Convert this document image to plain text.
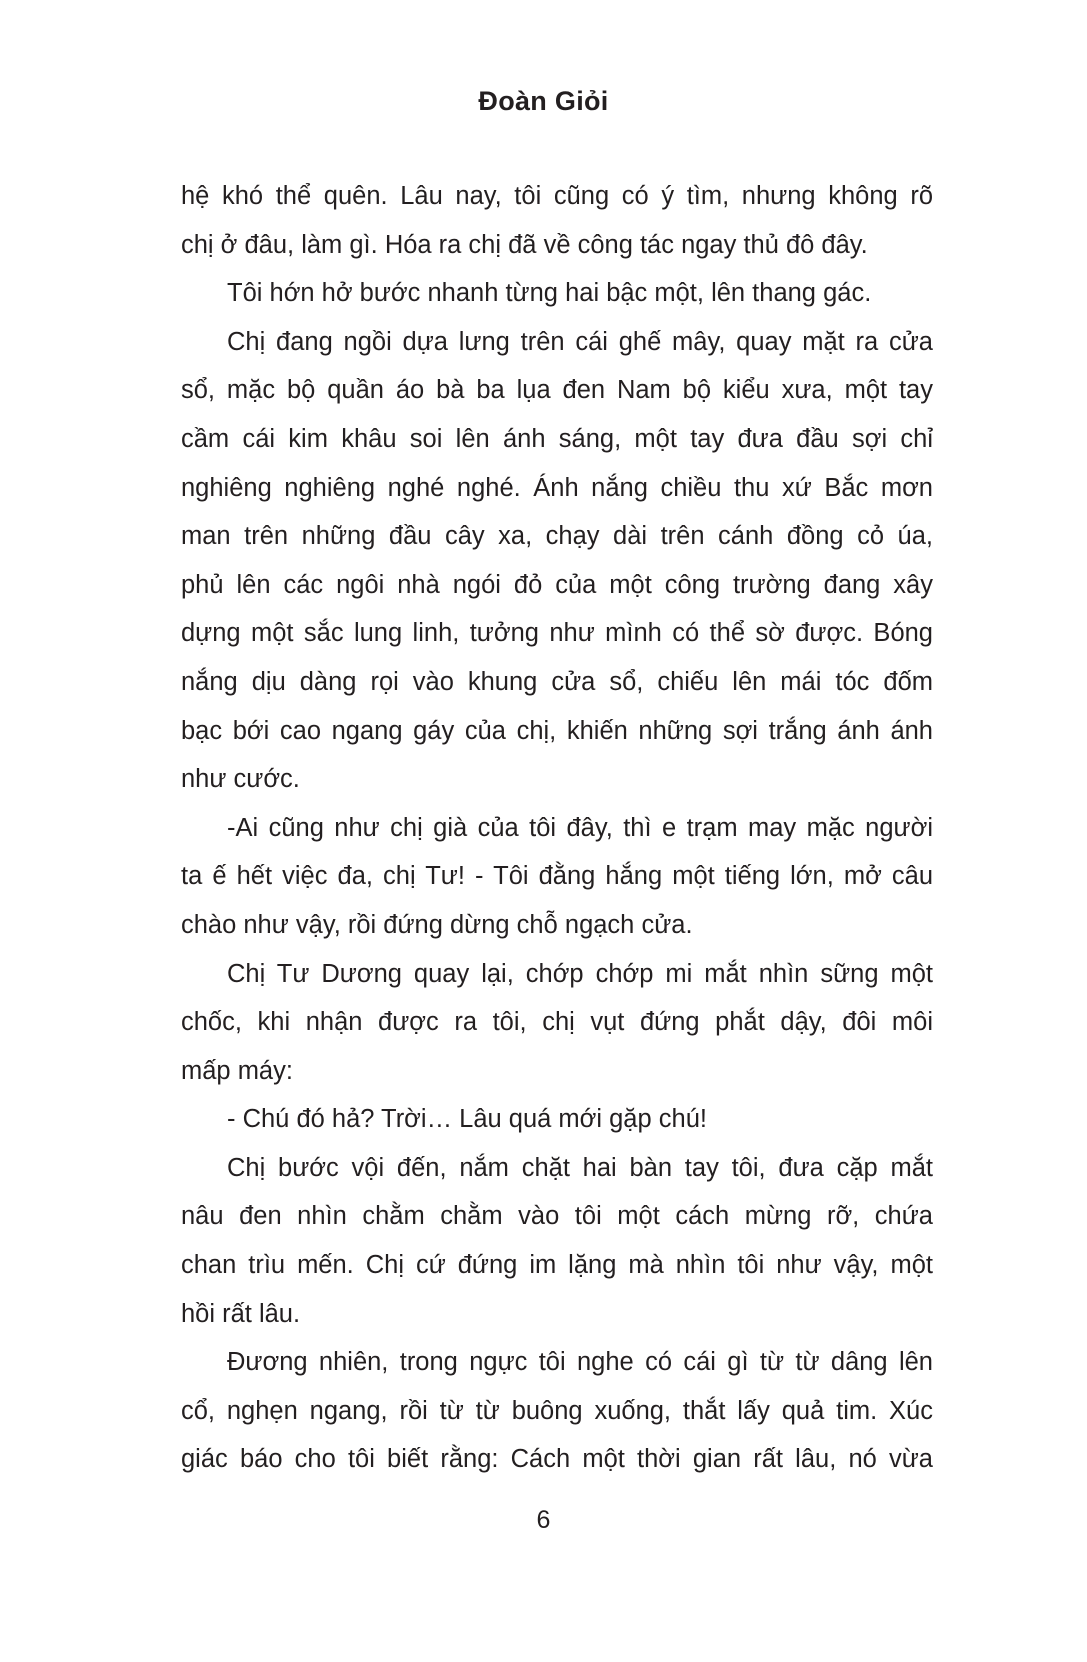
Đoàn Giỏi
hệ khó thể quên. Lâu nay, tôi cũng có ý tìm, nhưng không rõ
chị ở đâu, làm gì. Hóa ra chị đã về công tác ngay thủ đô đây.
Tôi hớn hở bước nhanh từng hai bậc một, lên thang gác.
Chị đang ngồi dựa lưng trên cái ghế mây, quay mặt ra cửa
sổ, mặc bộ quần áo bà ba lụa đen Nam bộ kiểu xưa, một tay
cầm cái kim khâu soi lên ánh sáng, một tay đưa đầu sợi chỉ
nghiêng nghiêng nghé nghé. Ánh nắng chiều thu xứ Bắc mơn
man trên những đầu cây xa, chạy dài trên cánh đồng cỏ úa,
phủ lên các ngôi nhà ngói đỏ của một công trường đang xây
dựng một sắc lung linh, tưởng như mình có thể sờ được. Bóng
nắng dịu dàng rọi vào khung cửa sổ, chiếu lên mái tóc đốm
bạc bới cao ngang gáy của chị, khiến những sợi trắng ánh ánh
như cước.
-Ai cũng như chị già của tôi đây, thì e trạm may mặc người
ta ế hết việc đa, chị Tư! - Tôi đằng hắng một tiếng lớn, mở câu
chào như vậy, rồi đứng dừng chỗ ngạch cửa.
Chị Tư Dương quay lại, chớp chớp mi mắt nhìn sững một
chốc, khi nhận được ra tôi, chị vụt đứng phắt dậy, đôi môi
mấp máy:
- Chú đó hả? Trời… Lâu quá mới gặp chú!
Chị bước vội đến, nắm chặt hai bàn tay tôi, đưa cặp mắt
nâu đen nhìn chằm chằm vào tôi một cách mừng rỡ, chứa
chan trìu mến. Chị cứ đứng im lặng mà nhìn tôi như vậy, một
hồi rất lâu.
Đương nhiên, trong ngực tôi nghe có cái gì từ từ dâng lên
cổ, nghẹn ngang, rồi từ từ buông xuống, thắt lấy quả tim. Xúc
giác báo cho tôi biết rằng: Cách một thời gian rất lâu, nó vừa
6
